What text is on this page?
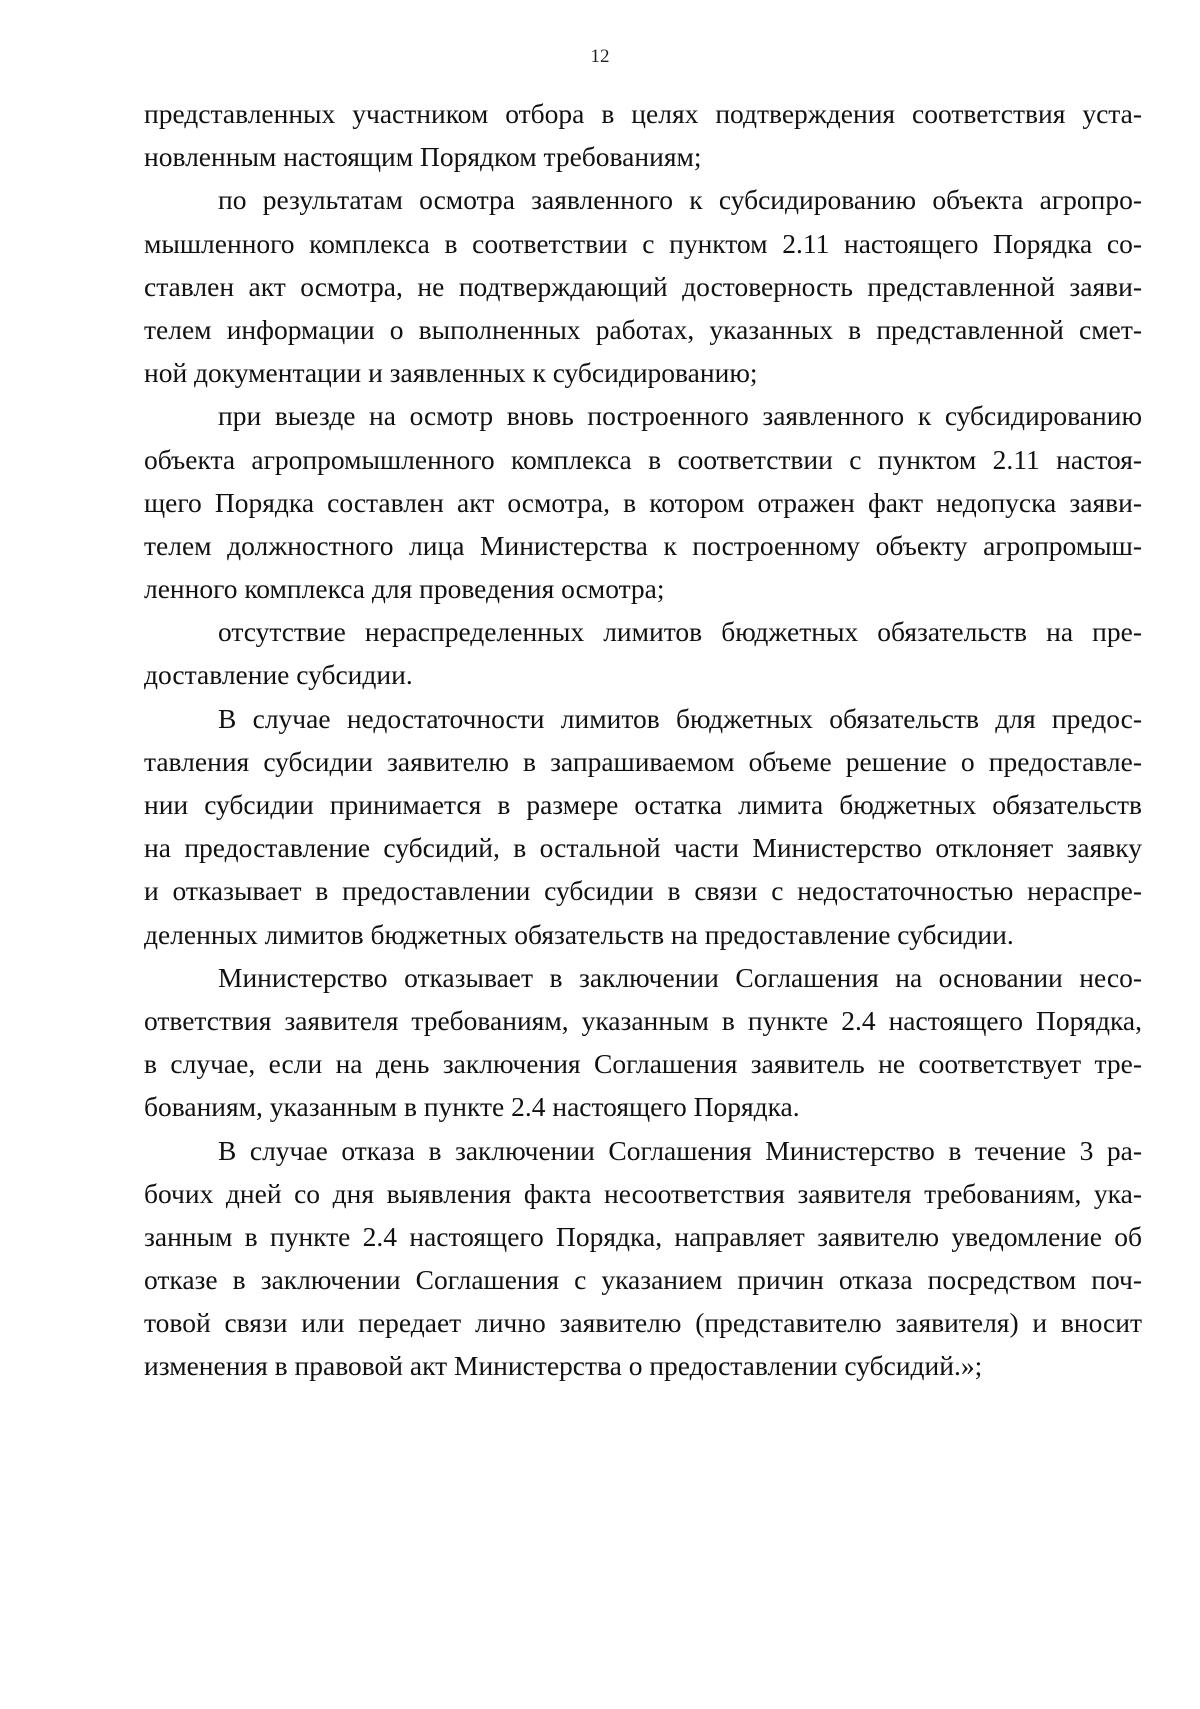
12

представленных участником отбора в целях подтверждения соответствия уста-
новленным настоящим Порядком требованиям;

по результатам осмотра заявленного к субсидированию объекта агропро-
мышленного комплекса в соответствии с пунктом 2.11 настоящего Порядка со-
ставлен акт осмотра, не подтверждающий достоверность представленной заяви-
телем информации о выполненных работах, указанных в представленной смет-
ной документации и заявленных к субсидированию;

при выезде на осмотр вновь построенного заявленного к субсидированию
объекта агропромышленного комплекса в соответствии с пунктом 2.11 настоя-
щего Порядка составлен акт осмотра, в котором отражен факт недопуска заяви-
телем должностного лица Министерства к построенному объекту агропромыш-
ленного комплекса для проведения осмотра;

отсутствие нераспределенных лимитов бюджетных обязательств на пре-
доставление субсидии.

В случае недостаточности лимитов бюджетных обязательств для предос-
тавления субсидии заявителю в запрашиваемом объеме решение о предоставле-
нии субсидии принимается в размере остатка лимита бюджетных обязательств
на предоставление субсидий, в остальной части Министерство отклоняет заявку
и отказывает в предоставлении субсидии в связи с недостаточностью нераспре-
деленных лимитов бюджетных обязательств на предоставление субсидии.

Министерство отказывает в заключении Соглашения на основании несо-
ответствия заявителя требованиям, указанным в пункте 2.4 настоящего Порядка,
в случае, если на день заключения Соглашения заявитель не соответствует тре-
бованиям, указанным в пункте 2.4 настоящего Порядка.

В случае отказа в заключении Соглашения Министерство в течение 3 ра-
бочих дней со дня выявления факта несоответствия заявителя требованиям, ука-
занным в пункте 2.4 настоящего Порядка, направляет заявителю уведомление об
отказе в заключении Соглашения с указанием причин отказа посредством поч-
товой связи или передает лично заявителю (представителю заявителя) и вносит
изменения в правовой акт Министерства о предоставлении субсидий.»;
